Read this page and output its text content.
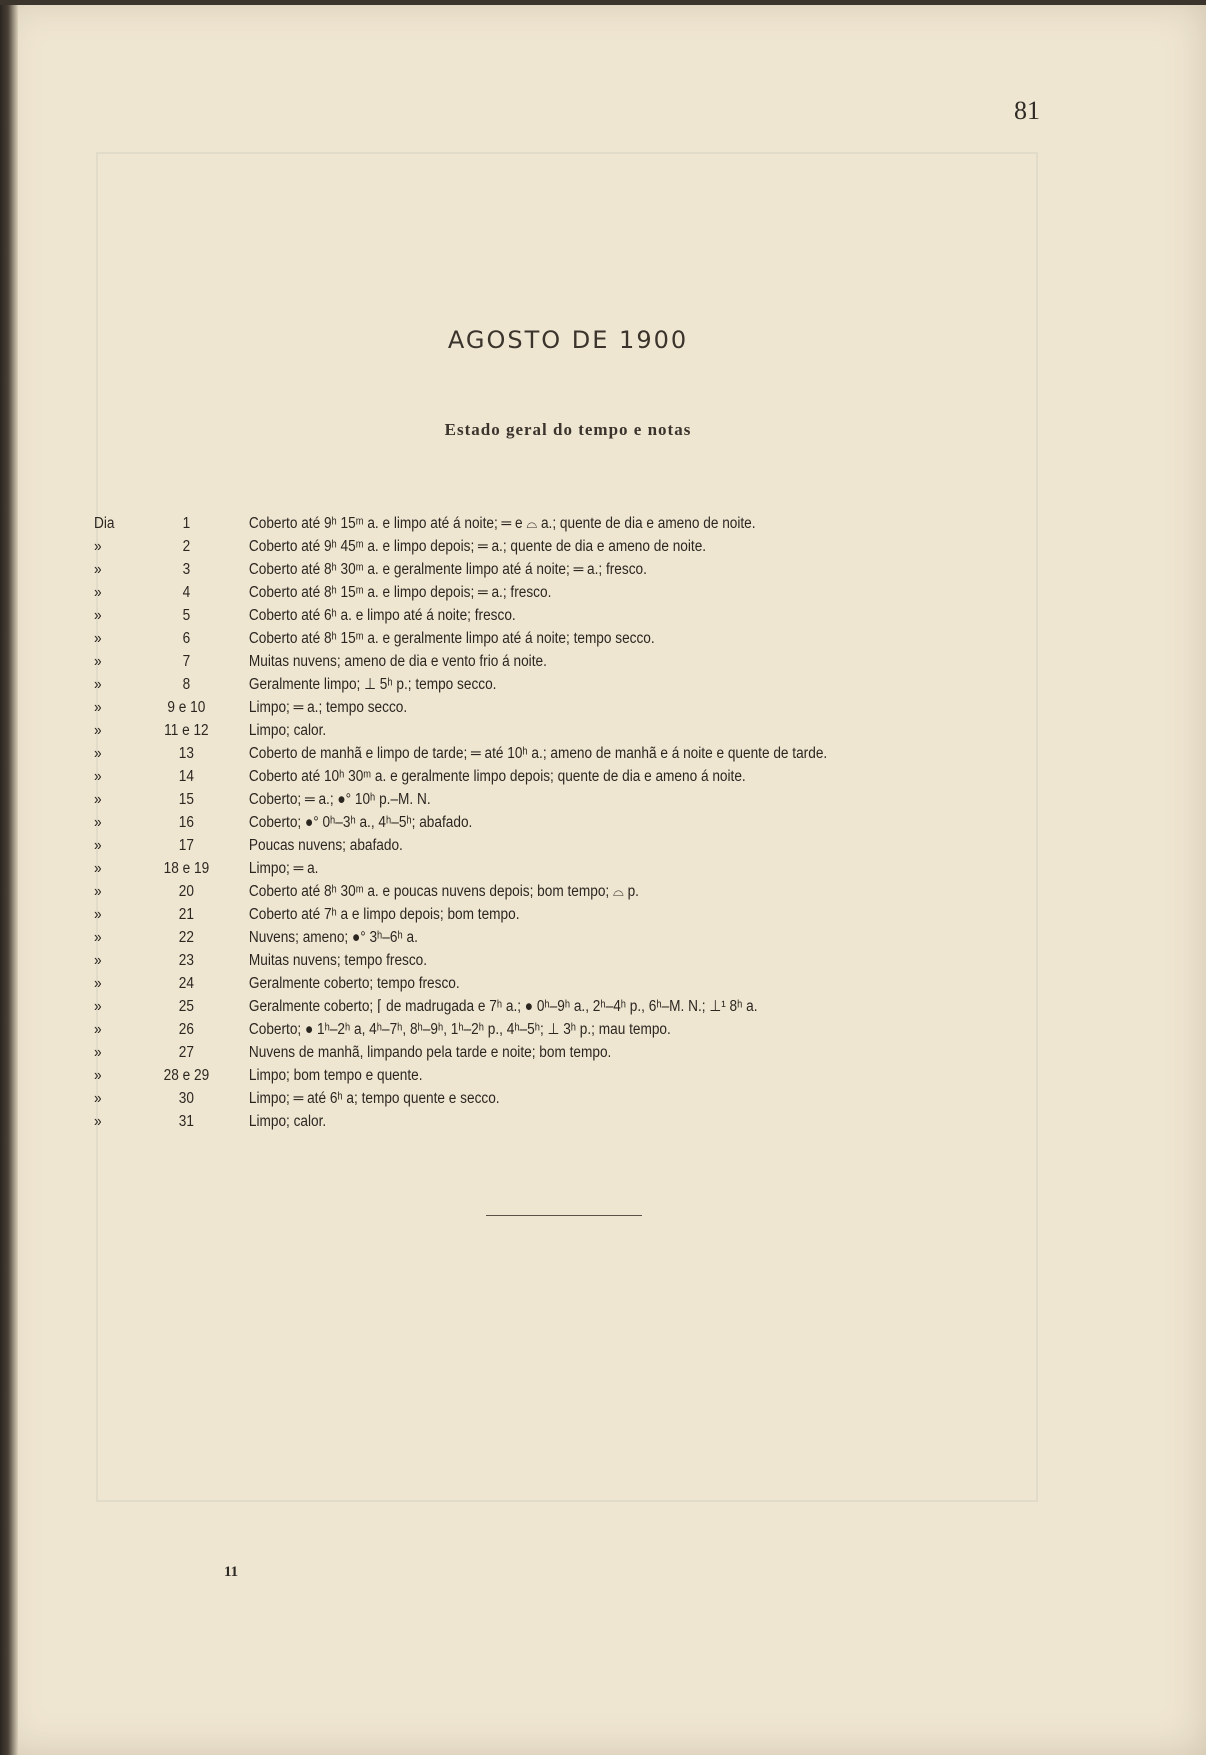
81
AGOSTO DE 1900
Estado geral do tempo e notas
Dia	1	Coberto até 9ʰ 15ᵐ a. e limpo até á noite; ═ e ⌓ a.; quente de dia e ameno de noite.
»	2	Coberto até 9ʰ 45ᵐ a. e limpo depois; ═ a.; quente de dia e ameno de noite.
»	3	Coberto até 8ʰ 30ᵐ a. e geralmente limpo até á noite; ═ a.; fresco.
»	4	Coberto até 8ʰ 15ᵐ a. e limpo depois; ═ a.; fresco.
»	5	Coberto até 6ʰ a. e limpo até á noite; fresco.
»	6	Coberto até 8ʰ 15ᵐ a. e geralmente limpo até á noite; tempo secco.
»	7	Muitas nuvens; ameno de dia e vento frio á noite.
»	8	Geralmente limpo; ⊥ 5ʰ p.; tempo secco.
»	9 e 10	Limpo; ═ a.; tempo secco.
»	11 e 12	Limpo; calor.
»	13	Coberto de manhã e limpo de tarde; ═ até 10ʰ a.; ameno de manhã e á noite e quente de tarde.
»	14	Coberto até 10ʰ 30ᵐ a. e geralmente limpo depois; quente de dia e ameno á noite.
»	15	Coberto; ═ a.; ●° 10ʰ p.–M. N.
»	16	Coberto; ●° 0ʰ–3ʰ a., 4ʰ–5ʰ; abafado.
»	17	Poucas nuvens; abafado.
»	18 e 19	Limpo; ═ a.
»	20	Coberto até 8ʰ 30ᵐ a. e poucas nuvens depois; bom tempo; ⌓ p.
»	21	Coberto até 7ʰ a e limpo depois; bom tempo.
»	22	Nuvens; ameno; ●° 3ʰ–6ʰ a.
»	23	Muitas nuvens; tempo fresco.
»	24	Geralmente coberto; tempo fresco.
»	25	Geralmente coberto; ⌈ de madrugada e 7ʰ a.; ● 0ʰ–9ʰ a., 2ʰ–4ʰ p., 6ʰ–M. N.; ⊥¹ 8ʰ a.
»	26	Coberto; ● 1ʰ–2ʰ a, 4ʰ–7ʰ, 8ʰ–9ʰ, 1ʰ–2ʰ p., 4ʰ–5ʰ; ⊥ 3ʰ p.; mau tempo.
»	27	Nuvens de manhã, limpando pela tarde e noite; bom tempo.
»	28 e 29	Limpo; bom tempo e quente.
»	30	Limpo; ═ até 6ʰ a; tempo quente e secco.
»	31	Limpo; calor.
11
